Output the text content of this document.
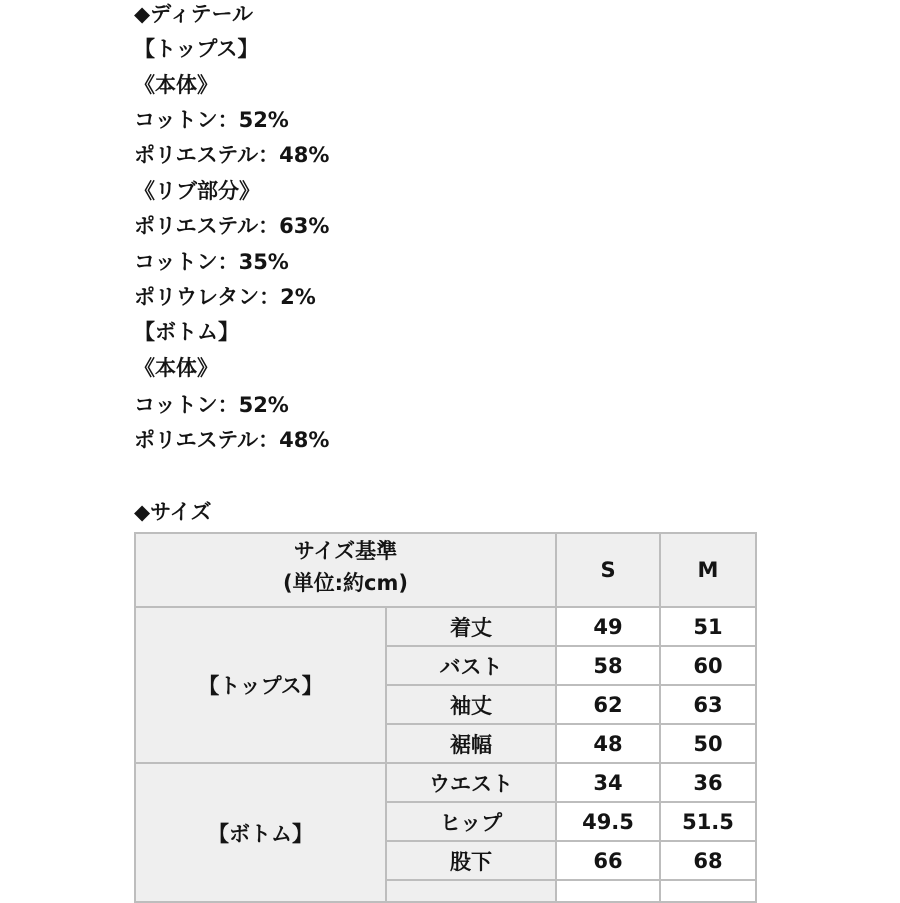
◆ディテール
【トップス】
《本体》
コットン：52%
ポリエステル：48%
《リブ部分》
ポリエステル：63%
コットン：35%
ポリウレタン：2%
【ボトム】
《本体》
コットン：52%
ポリエステル：48%
◆サイズ
サイズ基準
(単位:約cm)		S	M
【トップス】	着丈	49	51
	バスト	58	60
	袖丈	62	63
	裾幅	48	50
【ボトム】	ウエスト	34	36
	ヒップ	49.5	51.5
	股下	66	68
